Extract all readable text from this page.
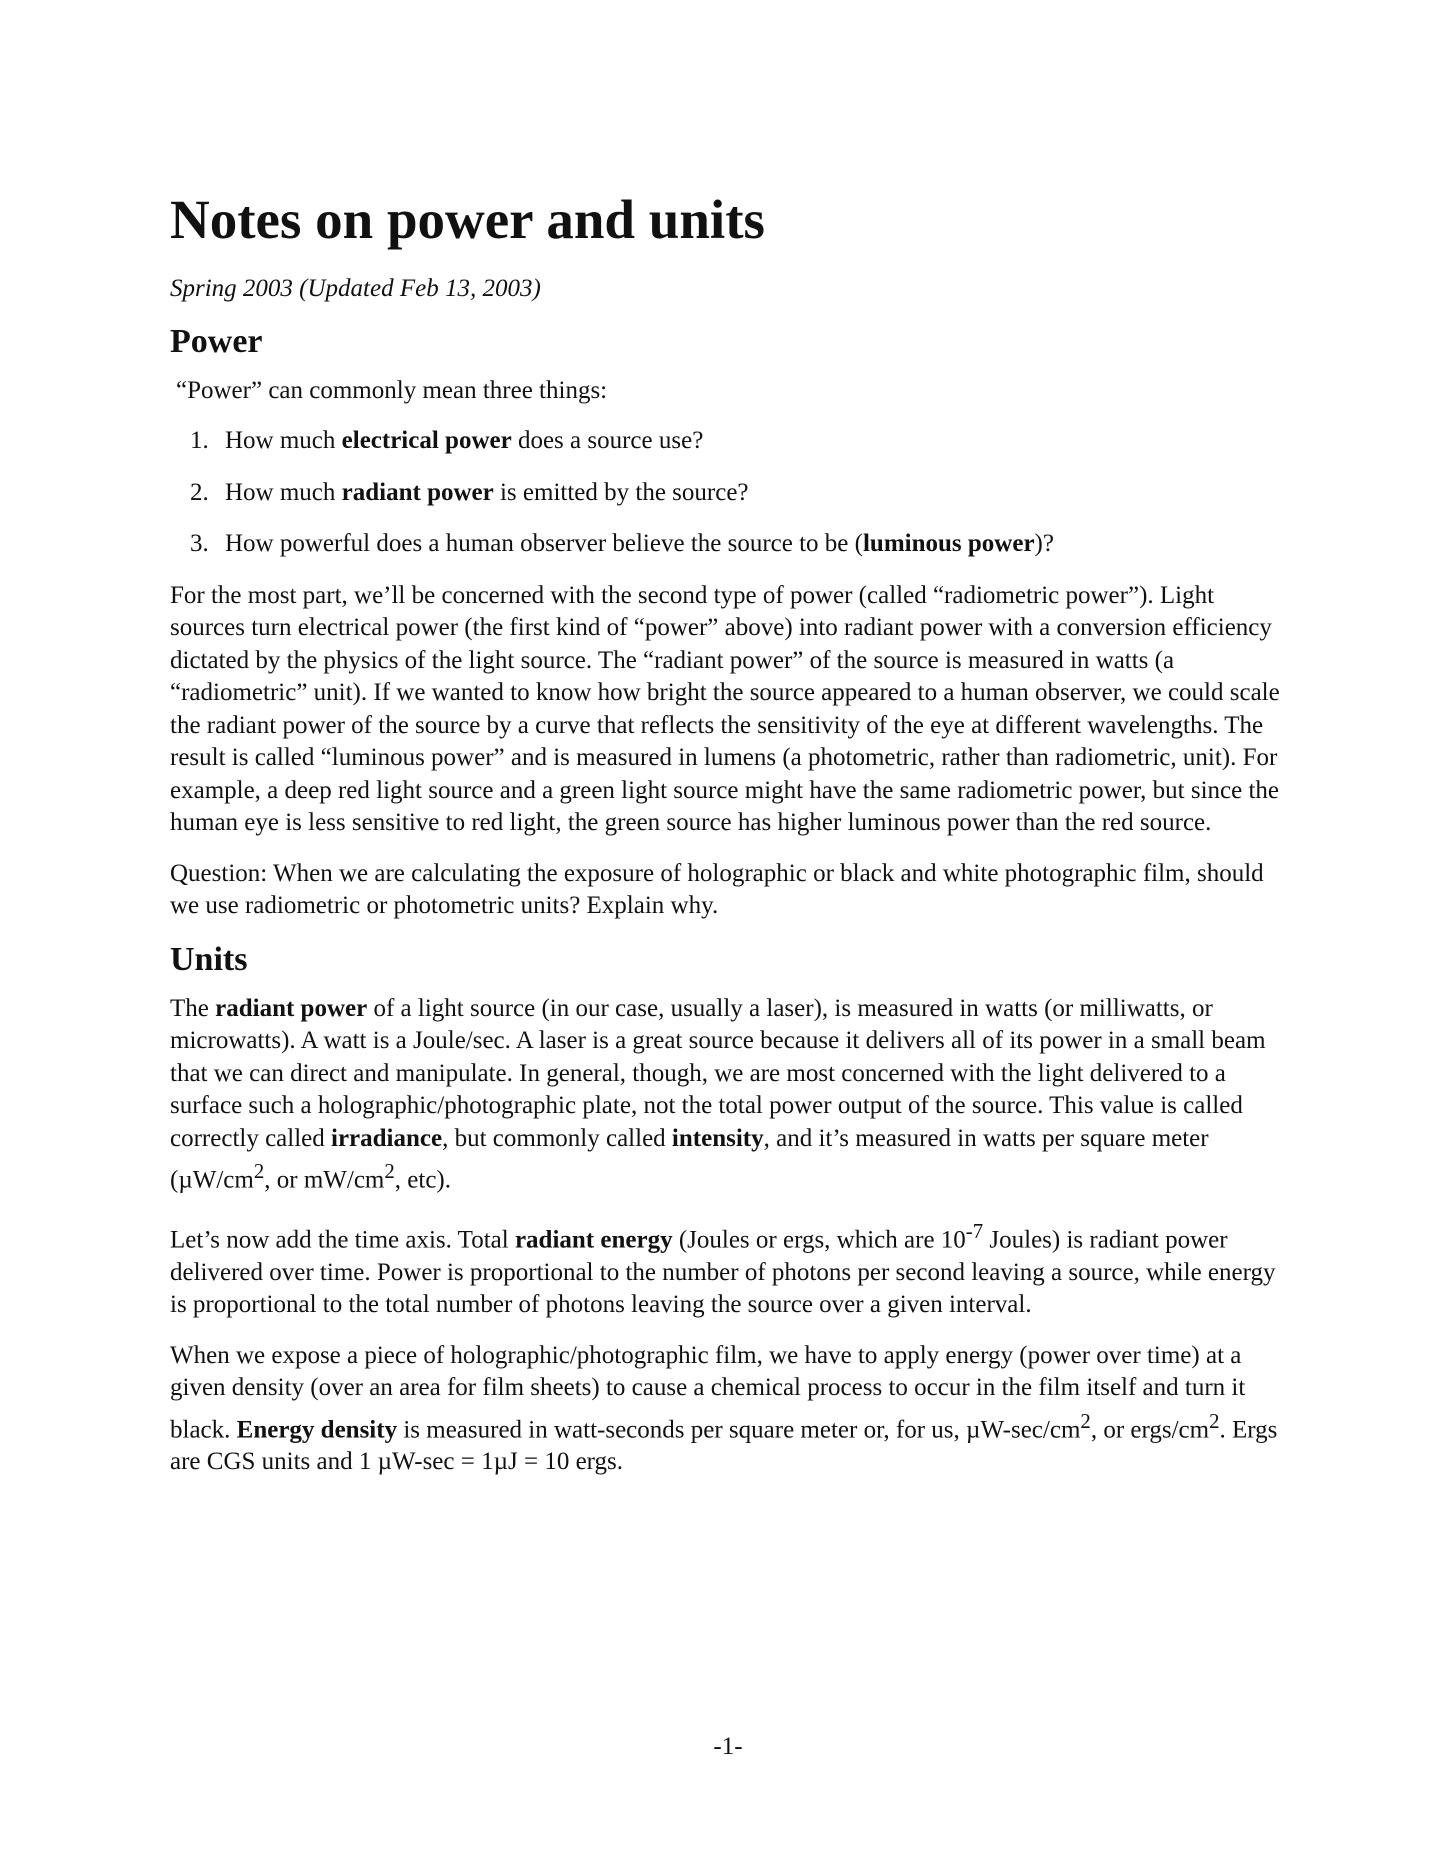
Notes on power and units
Spring 2003 (Updated Feb 13, 2003)
Power

“Power” can commonly mean three things:

1. How much electrical power does a source use?
2. How much radiant power is emitted by the source?
3. How powerful does a human observer believe the source to be (luminous power)?

For the most part, we’ll be concerned with the second type of power (called “radiometric power”). Light sources turn electrical power (the first kind of “power” above) into radiant power with a conversion efficiency dictated by the physics of the light source. The “radiant power” of the source is measured in watts (a “radiometric” unit). If we wanted to know how bright the source appeared to a human observer, we could scale the radiant power of the source by a curve that reflects the sensitivity of the eye at different wavelengths. The result is called “luminous power” and is measured in lumens (a photometric, rather than radiometric, unit). For example, a deep red light source and a green light source might have the same radiometric power, but since the human eye is less sensitive to red light, the green source has higher luminous power than the red source.

Question: When we are calculating the exposure of holographic or black and white photographic film, should we use radiometric or photometric units? Explain why.

Units

The radiant power of a light source (in our case, usually a laser), is measured in watts (or milliwatts, or microwatts). A watt is a Joule/sec. A laser is a great source because it delivers all of its power in a small beam that we can direct and manipulate. In general, though, we are most concerned with the light delivered to a surface such a holographic/photographic plate, not the total power output of the source. This value is called correctly called irradiance, but commonly called intensity, and it’s measured in watts per square meter ($\mu W/cm^2$, or $mW/cm^2$, etc).

Let’s now add the time axis. Total radiant energy (Joules or ergs, which are $10^{-7}$ Joules) is radiant power delivered over time. Power is proportional to the number of photons per second leaving a source, while energy is proportional to the total number of photons leaving the source over a given interval.

When we expose a piece of holographic/photographic film, we have to apply energy (power over time) at a given density (over an area for film sheets) to cause a chemical process to occur in the film itself and turn it black. Energy density is measured in watt-seconds per square meter or, for us, $\mu W-\sec/cm^2$, or ergs/$cm^2$. Ergs are CGS units and 1 µW-sec = 1µJ = 10 ergs.

-1-
